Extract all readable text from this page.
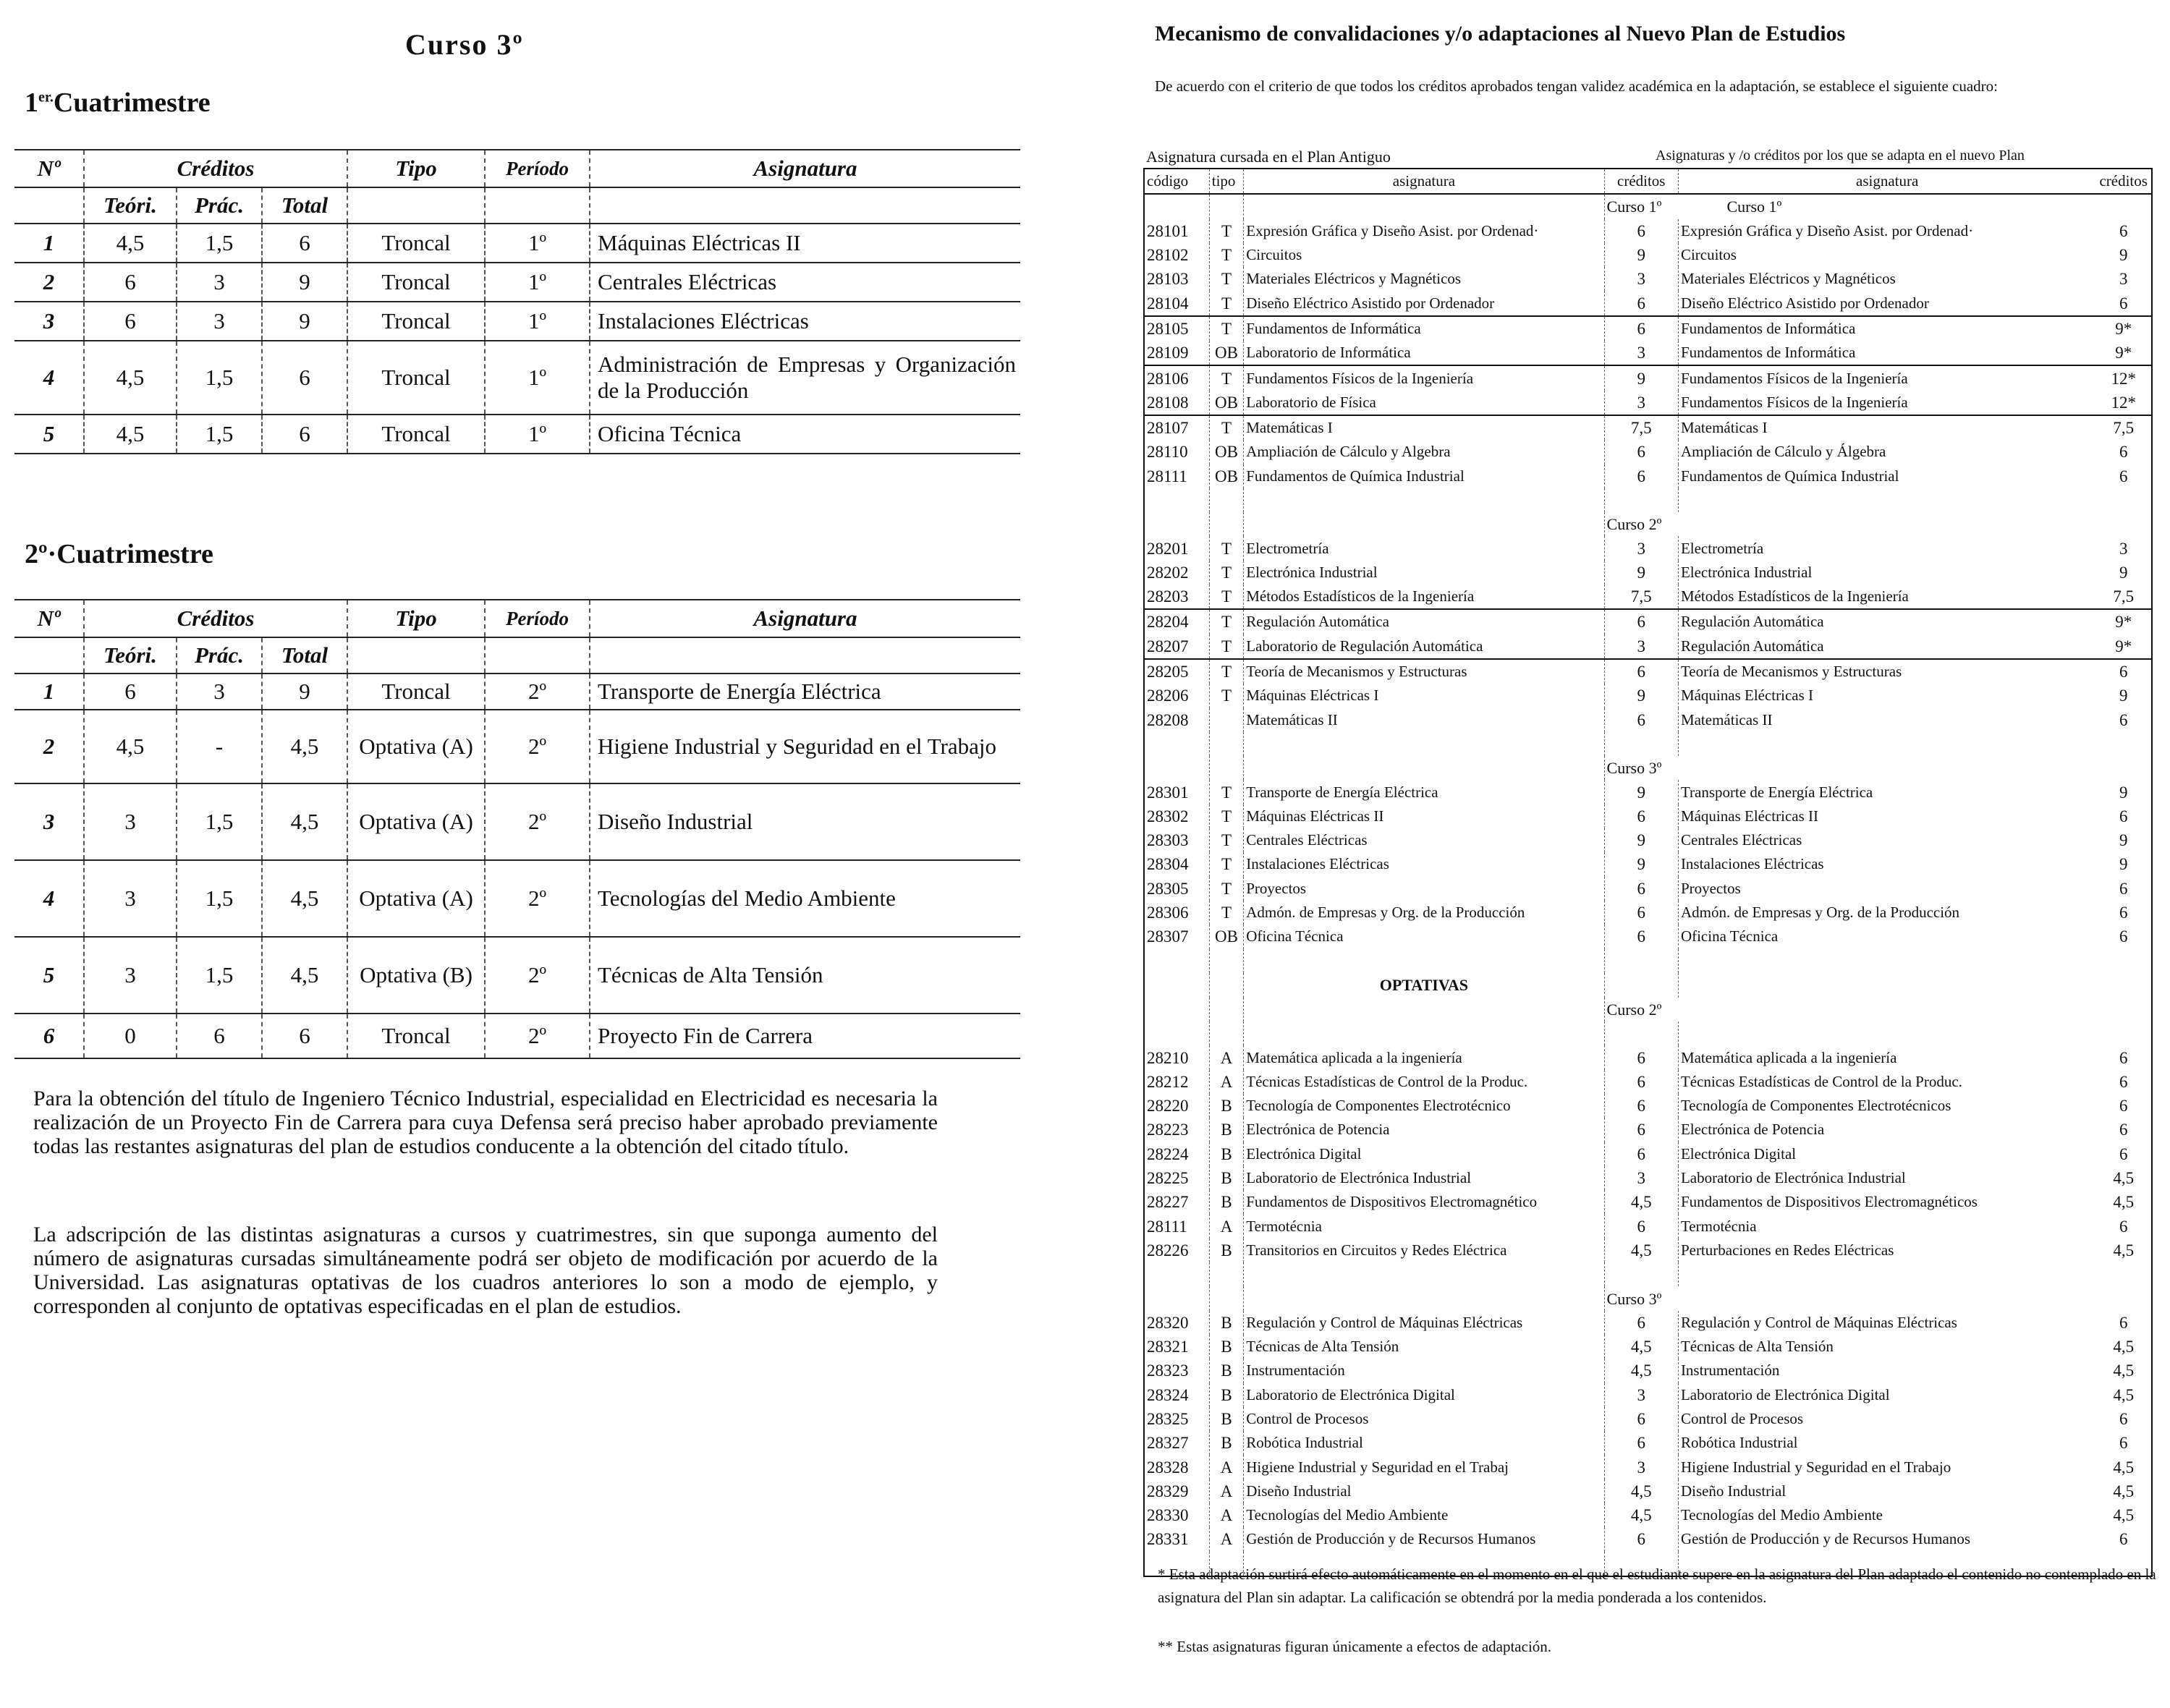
Curso 3º
$1^{er.}Cuatrimestre$
Nº	Créditos			Tipo	Período	Asignatura
	Teóri.	Prác.	Total			
1	4,5	1,5	6	Troncal	1º	Máquinas Eléctricas II
2	6	3	9	Troncal	1º	Centrales Eléctricas
3	6	3	9	Troncal	1º	Instalaciones Eléctricas
4	4,5	1,5	6	Troncal	1º	Administración de Empresas y Organización de la Producción
5	4,5	1,5	6	Troncal	1º	Oficina Técnica
2º·Cuatrimestre
Nº	Créditos			Tipo	Período	Asignatura
	Teóri.	Prác.	Total			
1	6	3	9	Troncal	2º	Transporte de Energía Eléctrica
2	4,5	-	4,5	Optativa (A)	2º	Higiene Industrial y Seguridad en el Trabajo
3	3	1,5	4,5	Optativa (A)	2º	Diseño Industrial
4	3	1,5	4,5	Optativa (A)	2º	Tecnologías del Medio Ambiente
5	3	1,5	4,5	Optativa (B)	2º	Técnicas de Alta Tensión
6	0	6	6	Troncal	2º	Proyecto Fin de Carrera
Para la obtención del título de Ingeniero Técnico Industrial, especialidad en Electricidad es necesaria la realización de un Proyecto Fin de Carrera para cuya Defensa será preciso haber aprobado previamente todas las restantes asignaturas del plan de estudios conducente a la obtención del citado título.
La adscripción de las distintas asignaturas a cursos y cuatrimestres, sin que suponga aumento del número de asignaturas cursadas simultáneamente podrá ser objeto de modificación por acuerdo de la Universidad. Las asignaturas optativas de los cuadros anteriores lo son a modo de ejemplo, y corresponden al conjunto de optativas especificadas en el plan de estudios.
Mecanismo de convalidaciones y/o adaptaciones al Nuevo Plan de Estudios
De acuerdo con el criterio de que todos los créditos aprobados tengan validez académica en la adaptación, se establece el siguiente cuadro:
Asignatura cursada en el Plan Antiguo	Asignaturas y /o créditos por los que se adapta en el nuevo Plan
código	tipo	asignatura	créditos	asignatura	créditos
			Curso 1º Curso 1º		
28101	T	Expresión Gráfica y Diseño Asist. por Ordenad·	6	Expresión Gráfica y Diseño Asist. por Ordenad·	6
28102	T	Circuitos	9	Circuitos	9
28103	T	Materiales Eléctricos y Magnéticos	3	Materiales Eléctricos y Magnéticos	3
28104	T	Diseño Eléctrico Asistido por Ordenador	6	Diseño Eléctrico Asistido por Ordenador	6
28105	T	Fundamentos de Informática	6	Fundamentos de Informática	9*
28109	OB	Laboratorio de Informática	3	Fundamentos de Informática	9*
28106	T	Fundamentos Físicos de la Ingeniería	9	Fundamentos Físicos de la Ingeniería	12*
28108	OB	Laboratorio de Física	3	Fundamentos Físicos de la Ingeniería	12*
28107	T	Matemáticas I	7,5	Matemáticas I	7,5
28110	OB	Ampliación de Cálculo y Algebra	6	Ampliación de Cálculo y Álgebra	6
28111	OB	Fundamentos de Química Industrial	6	Fundamentos de Química Industrial	6

			Curso 2º		
28201	T	Electrometría	3	Electrometría	3
28202	T	Electrónica Industrial	9	Electrónica Industrial	9
28203	T	Métodos Estadísticos de la Ingeniería	7,5	Métodos Estadísticos de la Ingeniería	7,5
28204	T	Regulación Automática	6	Regulación Automática	9*
28207	T	Laboratorio de Regulación Automática	3	Regulación Automática	9*
28205	T	Teoría de Mecanismos y Estructuras	6	Teoría de Mecanismos y Estructuras	6
28206	T	Máquinas Eléctricas I	9	Máquinas Eléctricas I	9
28208		Matemáticas II	6	Matemáticas II	6

			Curso 3º		
28301	T	Transporte de Energía Eléctrica	9	Transporte de Energía Eléctrica	9
28302	T	Máquinas Eléctricas II	6	Máquinas Eléctricas II	6
28303	T	Centrales Eléctricas	9	Centrales Eléctricas	9
28304	T	Instalaciones Eléctricas	9	Instalaciones Eléctricas	9
28305	T	Proyectos	6	Proyectos	6
28306	T	Admón. de Empresas y Org. de la Producción	6	Admón. de Empresas y Org. de la Producción	6
28307	OB	Oficina Técnica	6	Oficina Técnica	6

		OPTATIVAS			
			Curso 2º		

28210	A	Matemática aplicada a la ingeniería	6	Matemática aplicada a la ingeniería	6
28212	A	Técnicas Estadísticas de Control de la Produc.	6	Técnicas Estadísticas de Control de la Produc.	6
28220	B	Tecnología de Componentes Electrotécnico	6	Tecnología de Componentes Electrotécnicos	6
28223	B	Electrónica de Potencia	6	Electrónica de Potencia	6
28224	B	Electrónica Digital	6	Electrónica Digital	6
28225	B	Laboratorio de Electrónica Industrial	3	Laboratorio de Electrónica Industrial	4,5
28227	B	Fundamentos de Dispositivos Electromagnético	4,5	Fundamentos de Dispositivos Electromagnéticos	4,5
28111	A	Termotécnia	6	Termotécnia	6
28226	B	Transitorios en Circuitos y Redes Eléctrica	4,5	Perturbaciones en Redes Eléctricas	4,5

			Curso 3º		
28320	B	Regulación y Control de Máquinas Eléctricas	6	Regulación y Control de Máquinas Eléctricas	6
28321	B	Técnicas de Alta Tensión	4,5	Técnicas de Alta Tensión	4,5
28323	B	Instrumentación	4,5	Instrumentación	4,5
28324	B	Laboratorio de Electrónica Digital	3	Laboratorio de Electrónica Digital	4,5
28325	B	Control de Procesos	6	Control de Procesos	6
28327	B	Robótica Industrial	6	Robótica Industrial	6
28328	A	Higiene Industrial y Seguridad en el Trabaj	3	Higiene Industrial y Seguridad en el Trabajo	4,5
28329	A	Diseño Industrial	4,5	Diseño Industrial	4,5
28330	A	Tecnologías del Medio Ambiente	4,5	Tecnologías del Medio Ambiente	4,5
28331	A	Gestión de Producción y de Recursos Humanos	6	Gestión de Producción y de Recursos Humanos	6

* Esta adaptación surtirá efecto automáticamente en el momento en el que el estudiante supere en la asignatura del Plan adaptado el contenido no contemplado en la asignatura del Plan sin adaptar. La calificación se obtendrá por la media ponderada a los contenidos.
** Estas asignaturas figuran únicamente a efectos de adaptación.
